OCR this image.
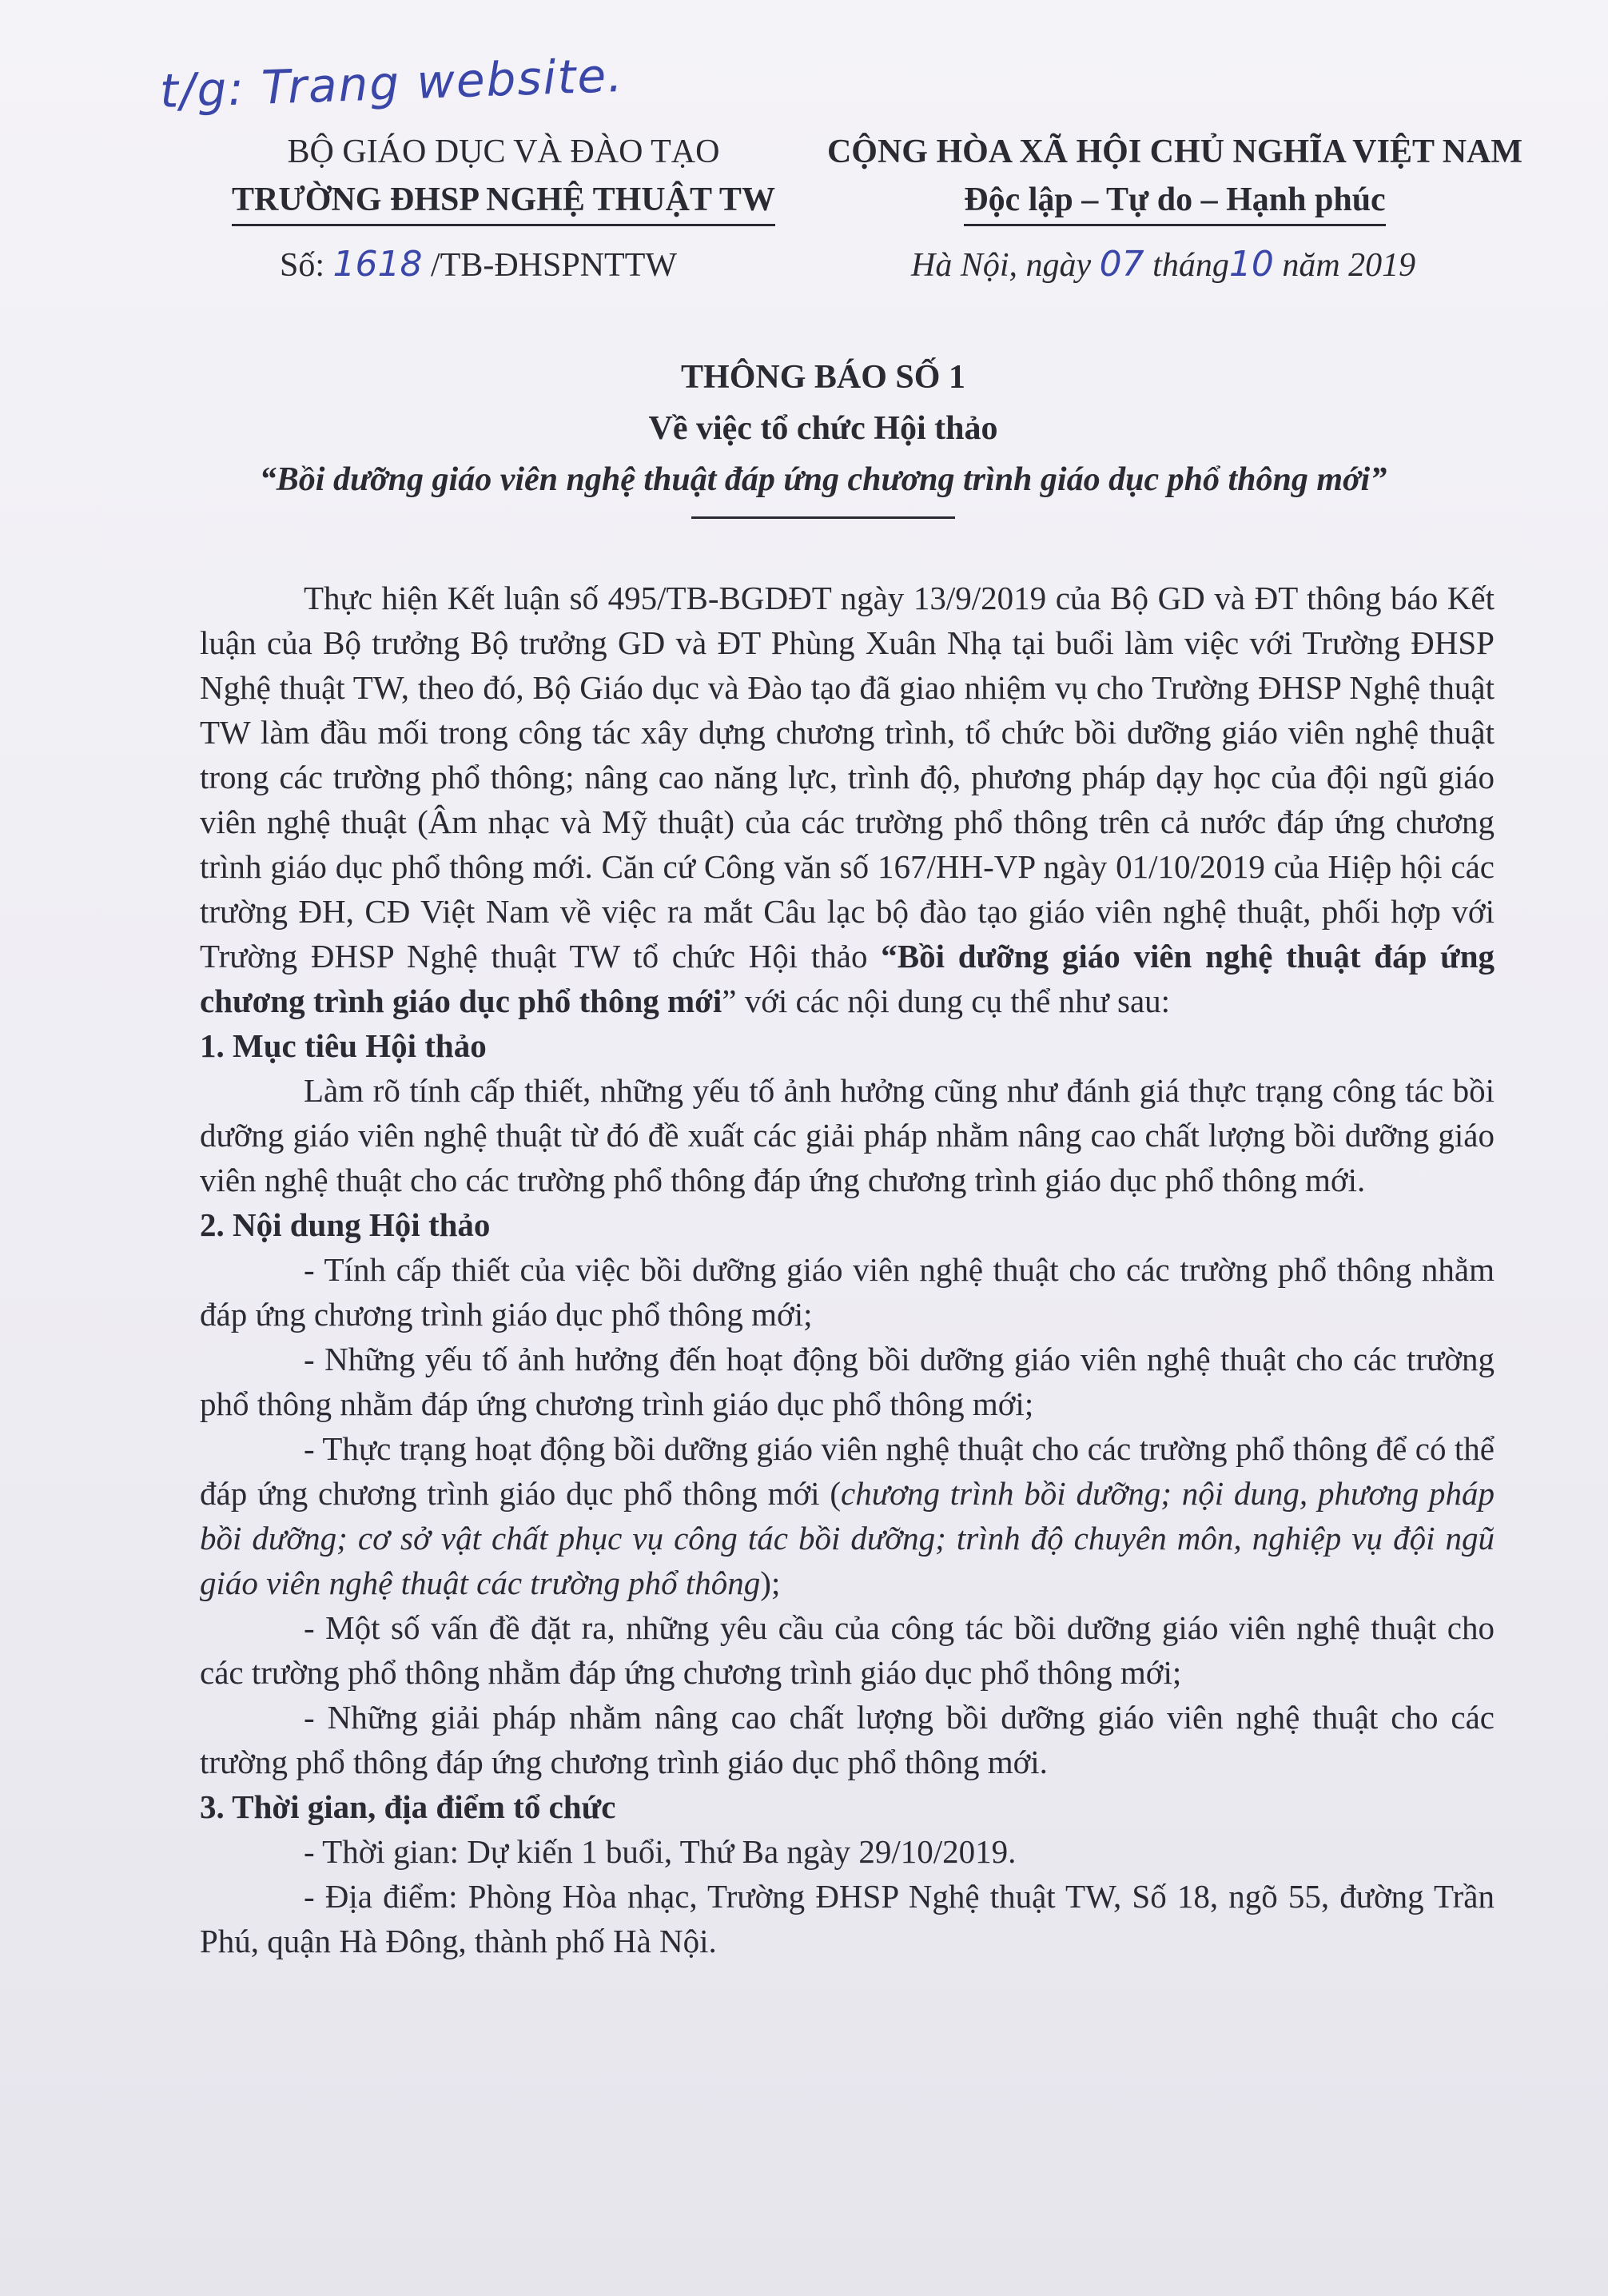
t/g: Trang website.
BỘ GIÁO DỤC VÀ ĐÀO TẠO
TRƯỜNG ĐHSP NGHỆ THUẬT TW
CỘNG HÒA XÃ HỘI CHỦ NGHĨA VIỆT NAM
Độc lập – Tự do – Hạnh phúc
Số: 1618 /TB-ĐHSPNTTW	Hà Nội, ngày 07 tháng10 năm 2019
THÔNG BÁO SỐ 1
Về việc tổ chức Hội thảo
“Bồi dưỡng giáo viên nghệ thuật đáp ứng chương trình giáo dục phổ thông mới”

Thực hiện Kết luận số 495/TB-BGDĐT ngày 13/9/2019 của Bộ GD và ĐT thông báo Kết luận của Bộ trưởng Bộ trưởng GD và ĐT Phùng Xuân Nhạ tại buổi làm việc với Trường ĐHSP Nghệ thuật TW, theo đó, Bộ Giáo dục và Đào tạo đã giao nhiệm vụ cho Trường ĐHSP Nghệ thuật TW làm đầu mối trong công tác xây dựng chương trình, tổ chức bồi dưỡng giáo viên nghệ thuật trong các trường phổ thông; nâng cao năng lực, trình độ, phương pháp dạy học của đội ngũ giáo viên nghệ thuật (Âm nhạc và Mỹ thuật) của các trường phổ thông trên cả nước đáp ứng chương trình giáo dục phổ thông mới. Căn cứ Công văn số 167/HH-VP ngày 01/10/2019 của Hiệp hội các trường ĐH, CĐ Việt Nam về việc ra mắt Câu lạc bộ đào tạo giáo viên nghệ thuật, phối hợp với Trường ĐHSP Nghệ thuật TW tổ chức Hội thảo “Bồi dưỡng giáo viên nghệ thuật đáp ứng chương trình giáo dục phổ thông mới” với các nội dung cụ thể như sau:

1. Mục tiêu Hội thảo

Làm rõ tính cấp thiết, những yếu tố ảnh hưởng cũng như đánh giá thực trạng công tác bồi dưỡng giáo viên nghệ thuật từ đó đề xuất các giải pháp nhằm nâng cao chất lượng bồi dưỡng giáo viên nghệ thuật cho các trường phổ thông đáp ứng chương trình giáo dục phổ thông mới.

2. Nội dung Hội thảo

- Tính cấp thiết của việc bồi dưỡng giáo viên nghệ thuật cho các trường phổ thông nhằm đáp ứng chương trình giáo dục phổ thông mới;

- Những yếu tố ảnh hưởng đến hoạt động bồi dưỡng giáo viên nghệ thuật cho các trường phổ thông nhằm đáp ứng chương trình giáo dục phổ thông mới;

- Thực trạng hoạt động bồi dưỡng giáo viên nghệ thuật cho các trường phổ thông để có thể đáp ứng chương trình giáo dục phổ thông mới (chương trình bồi dưỡng; nội dung, phương pháp bồi dưỡng; cơ sở vật chất phục vụ công tác bồi dưỡng; trình độ chuyên môn, nghiệp vụ đội ngũ giáo viên nghệ thuật các trường phổ thông);

- Một số vấn đề đặt ra, những yêu cầu của công tác bồi dưỡng giáo viên nghệ thuật cho các trường phổ thông nhằm đáp ứng chương trình giáo dục phổ thông mới;

- Những giải pháp nhằm nâng cao chất lượng bồi dưỡng giáo viên nghệ thuật cho các trường phổ thông đáp ứng chương trình giáo dục phổ thông mới.

3. Thời gian, địa điểm tổ chức

- Thời gian: Dự kiến 1 buổi, Thứ Ba ngày 29/10/2019.

- Địa điểm: Phòng Hòa nhạc, Trường ĐHSP Nghệ thuật TW, Số 18, ngõ 55, đường Trần Phú, quận Hà Đông, thành phố Hà Nội.
